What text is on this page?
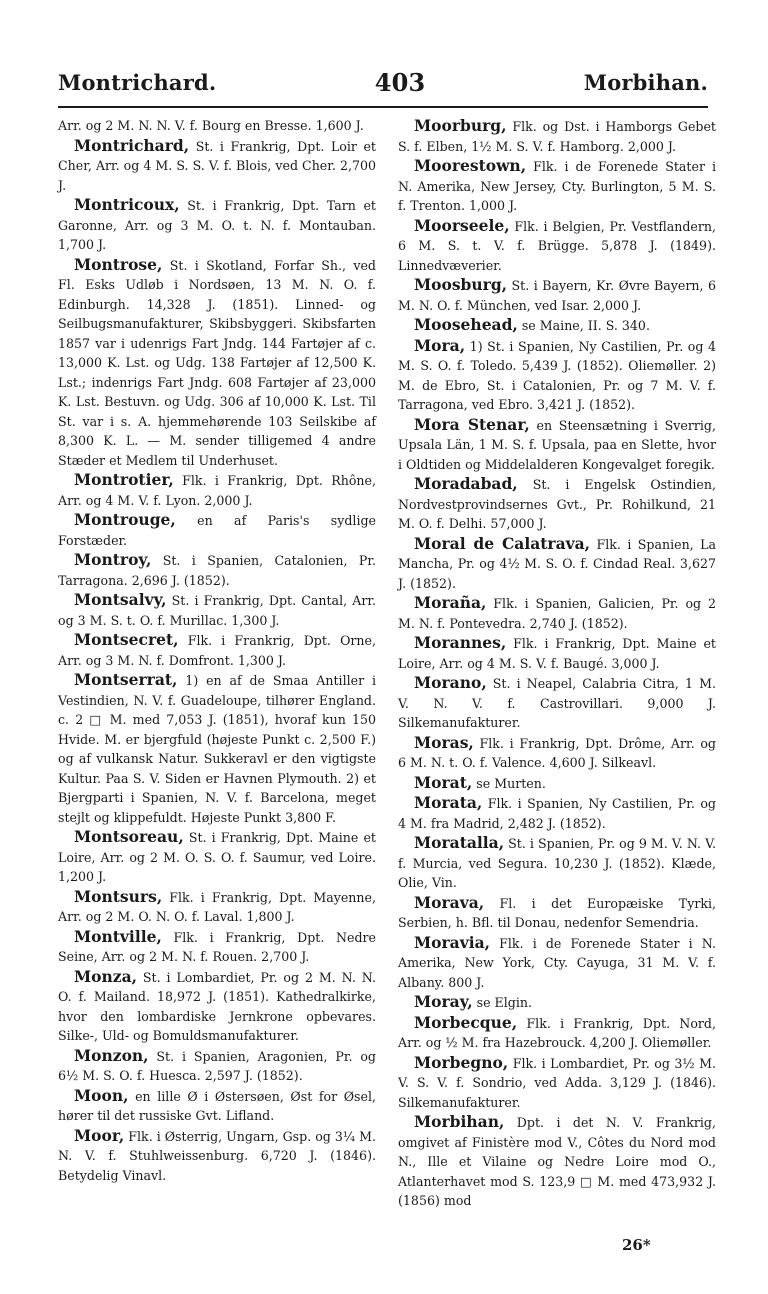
Montrichard.	403	Morbihan.

Arr. og 2 M. N. N. V. f. Bourg en Bresse. 1,600 J.

Montrichard, St. i Frankrig, Dpt. Loir et Cher, Arr. og 4 M. S. S. V. f. Blois, ved Cher. 2,700 J.

Montricoux, St. i Frankrig, Dpt. Tarn et Garonne, Arr. og 3 M. O. t. N. f. Montauban. 1,700 J.

Montrose, St. i Skotland, Forfar Sh., ved Fl. Esks Udløb i Nordsøen, 13 M. N. O. f. Edinburgh. 14,328 J. (1851). Linned- og Seilbugsmanufakturer, Skibsbyggeri. Skibsfarten 1857 var i udenrigs Fart Jndg. 144 Fartøjer af c. 13,000 K. Lst. og Udg. 138 Fartøjer af 12,500 K. Lst.; indenrigs Fart Jndg. 608 Fartøjer af 23,000 K. Lst. Bestuvn. og Udg. 306 af 10,000 K. Lst. Til St. var i s. A. hjemmehørende 103 Seilskibe af 8,300 K. L. — M. sender tilligemed 4 andre Stæder et Medlem til Underhuset.

Montrotier, Flk. i Frankrig, Dpt. Rhône, Arr. og 4 M. V. f. Lyon. 2,000 J.

Montrouge, en af Paris's sydlige Forstæder.

Montroy, St. i Spanien, Catalonien, Pr. Tarragona. 2,696 J. (1852).

Montsalvy, St. i Frankrig, Dpt. Cantal, Arr. og 3 M. S. t. O. f. Murillac. 1,300 J.

Montsecret, Flk. i Frankrig, Dpt. Orne, Arr. og 3 M. N. f. Domfront. 1,300 J.

Montserrat, 1) en af de Smaa Antiller i Vestindien, N. V. f. Guadeloupe, tilhører England. c. 2 □ M. med 7,053 J. (1851), hvoraf kun 150 Hvide. M. er bjergfuld (højeste Punkt c. 2,500 F.) og af vulkansk Natur. Sukkeravl er den vigtigste Kultur. Paa S. V. Siden er Havnen Plymouth. 2) et Bjergparti i Spanien, N. V. f. Barcelona, meget stejlt og klippefuldt. Højeste Punkt 3,800 F.

Montsoreau, St. i Frankrig, Dpt. Maine et Loire, Arr. og 2 M. O. S. O. f. Saumur, ved Loire. 1,200 J.

Montsurs, Flk. i Frankrig, Dpt. Mayenne, Arr. og 2 M. O. N. O. f. Laval. 1,800 J.

Montville, Flk. i Frankrig, Dpt. Nedre Seine, Arr. og 2 M. N. f. Rouen. 2,700 J.

Monza, St. i Lombardiet, Pr. og 2 M. N. N. O. f. Mailand. 18,972 J. (1851). Kathedralkirke, hvor den lombardiske Jernkrone opbevares. Silke-, Uld- og Bomuldsmanufakturer.

Monzon, St. i Spanien, Aragonien, Pr. og 6½ M. S. O. f. Huesca. 2,597 J. (1852).

Moon, en lille Ø i Østersøen, Øst for Øsel, hører til det russiske Gvt. Lifland.

Moor, Flk. i Østerrig, Ungarn, Gsp. og 3¼ M. N. V. f. Stuhlweissenburg. 6,720 J. (1846). Betydelig Vinavl.

Moorburg, Flk. og Dst. i Hamborgs Gebet S. f. Elben, 1½ M. S. V. f. Hamborg. 2,000 J.

Moorestown, Flk. i de Forenede Stater i N. Amerika, New Jersey, Cty. Burlington, 5 M. S. f. Trenton. 1,000 J.

Moorseele, Flk. i Belgien, Pr. Vestflandern, 6 M. S. t. V. f. Brügge. 5,878 J. (1849). Linnedvæverier.

Moosburg, St. i Bayern, Kr. Øvre Bayern, 6 M. N. O. f. München, ved Isar. 2,000 J.

Moosehead, se Maine, II. S. 340.

Mora, 1) St. i Spanien, Ny Castilien, Pr. og 4 M. S. O. f. Toledo. 5,439 J. (1852). Oliemøller. 2) M. de Ebro, St. i Catalonien, Pr. og 7 M. V. f. Tarragona, ved Ebro. 3,421 J. (1852).

Mora Stenar, en Steensætning i Sverrig, Upsala Län, 1 M. S. f. Upsala, paa en Slette, hvor i Oldtiden og Middelalderen Kongevalget foregik.

Moradabad, St. i Engelsk Ostindien, Nordvestprovindsernes Gvt., Pr. Rohilkund, 21 M. O. f. Delhi. 57,000 J.

Moral de Calatrava, Flk. i Spanien, La Mancha, Pr. og 4½ M. S. O. f. Cindad Real. 3,627 J. (1852).

Moraña, Flk. i Spanien, Galicien, Pr. og 2 M. N. f. Pontevedra. 2,740 J. (1852).

Morannes, Flk. i Frankrig, Dpt. Maine et Loire, Arr. og 4 M. S. V. f. Baugé. 3,000 J.

Morano, St. i Neapel, Calabria Citra, 1 M. V. N. V. f. Castrovillari. 9,000 J. Silkemanufakturer.

Moras, Flk. i Frankrig, Dpt. Drôme, Arr. og 6 M. N. t. O. f. Valence. 4,600 J. Silkeavl.

Morat, se Murten.

Morata, Flk. i Spanien, Ny Castilien, Pr. og 4 M. fra Madrid, 2,482 J. (1852).

Moratalla, St. i Spanien, Pr. og 9 M. V. N. V. f. Murcia, ved Segura. 10,230 J. (1852). Klæde, Olie, Vin.

Morava, Fl. i det Europæiske Tyrki, Serbien, h. Bfl. til Donau, nedenfor Semendria.

Moravia, Flk. i de Forenede Stater i N. Amerika, New York, Cty. Cayuga, 31 M. V. f. Albany. 800 J.

Moray, se Elgin.

Morbecque, Flk. i Frankrig, Dpt. Nord, Arr. og ½ M. fra Hazebrouck. 4,200 J. Oliemøller.

Morbegno, Flk. i Lombardiet, Pr. og 3½ M. V. S. V. f. Sondrio, ved Adda. 3,129 J. (1846). Silkemanufakturer.

Morbihan, Dpt. i det N. V. Frankrig, omgivet af Finistère mod V., Côtes du Nord mod N., Ille et Vilaine og Nedre Loire mod O., Atlanterhavet mod S. 123,9 □ M. med 473,932 J. (1856) mod

26*
